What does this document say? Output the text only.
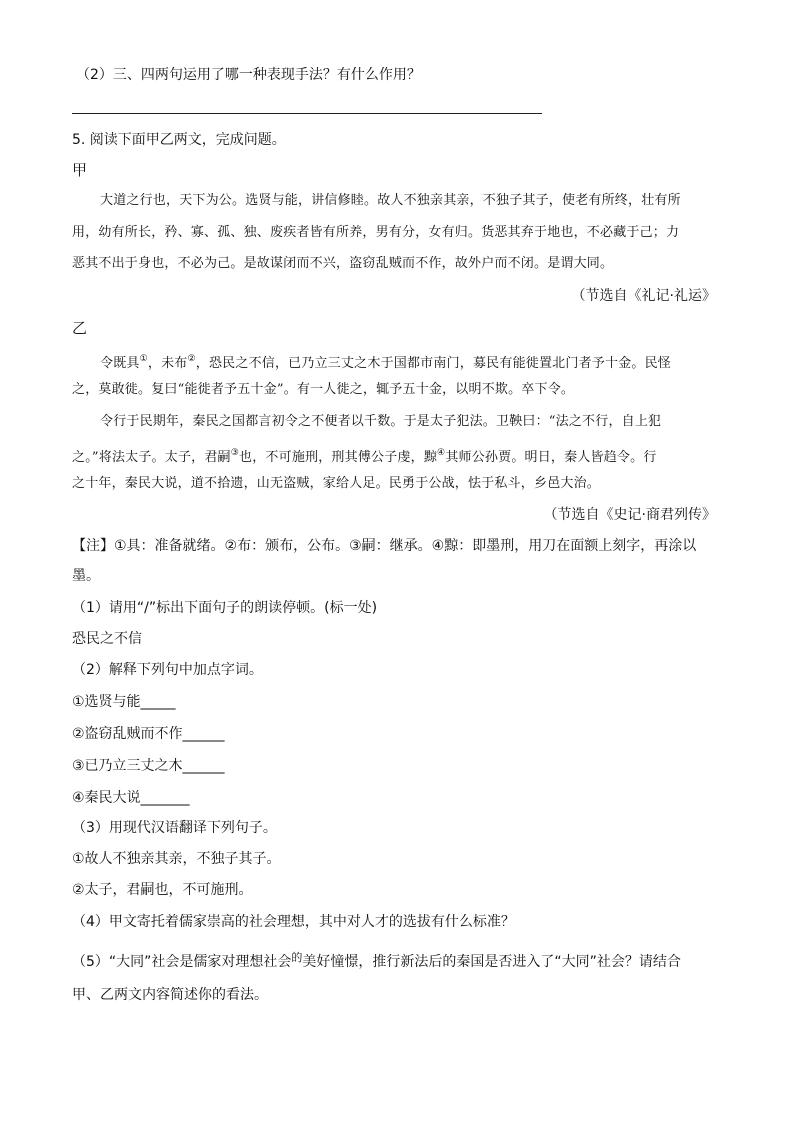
（2）三、四两句运用了哪一种表现手法？有什么作用？
5. 阅读下面甲乙两文，完成问题。
甲
大道之行也，天下为公。选贤与能，讲信修睦。故人不独亲其亲，不独子其子，使老有所终，壮有所
用，幼有所长，矜、寡、孤、独、废疾者皆有所养，男有分，女有归。货恶其弃于地也，不必藏于己；力
恶其不出于身也，不必为己。是故谋闭而不兴，盗窃乱贼而不作，故外户而不闭。是谓大同。
（节选自《礼记·礼运》
乙
令既具①，未布②，恐民之不信，已乃立三丈之木于国都市南门，募民有能徙置北门者予十金。民怪
之，莫敢徙。复曰“能徙者予五十金”。有一人徙之，辄予五十金，以明不欺。卒下令。
令行于民期年，秦民之国都言初令之不便者以千数。于是太子犯法。卫鞅曰：“法之不行，自上犯
之。”将法太子。太子，君嗣③也，不可施刑，刑其傅公子虔，黥④其师公孙贾。明日，秦人皆趋令。行
之十年，秦民大说，道不拾遗，山无盗贼，家给人足。民勇于公战，怯于私斗，乡邑大治。
（节选自《史记·商君列传》
【注】①具：准备就绪。②布：颁布，公布。③嗣：继承。④黥：即墨刑，用刀在面额上刻字，再涂以
墨。
（1）请用“/”标出下面句子的朗读停顿。(标一处)
恐民之不信
（2）解释下列句中加点字词。
①选贤与能_____
②盗窃乱贼而不作______
③已乃立三丈之木______
④秦民大说_______
（3）用现代汉语翻译下列句子。
①故人不独亲其亲，不独子其子。
②太子，君嗣也，不可施刑。
（4）甲文寄托着儒家崇高的社会理想，其中对人才的选拔有什么标准？
（5）“大同”社会是儒家对理想社会$^的$美好憧憬，推行新法后的秦国是否进入了“大同”社会？请结合
甲、乙两文内容简述你的看法。
